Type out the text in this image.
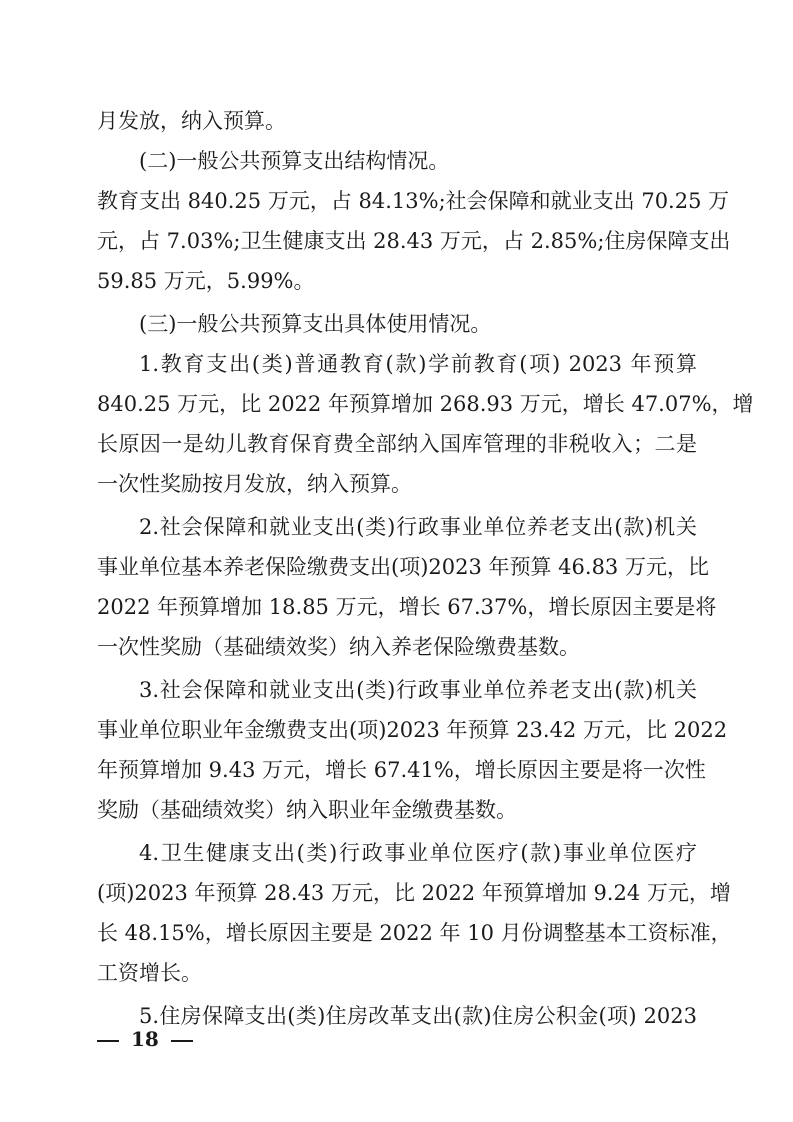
月发放，纳入预算。
(二)一般公共预算支出结构情况。
教育支出 840.25 万元，占 84.13%;社会保障和就业支出 70.25 万
元，占 7.03%;卫生健康支出 28.43 万元，占 2.85%;住房保障支出
59.85 万元，5.99%。
(三)一般公共预算支出具体使用情况。
1.教育支出(类)普通教育(款)学前教育(项) 2023 年预算
840.25 万元，比 2022 年预算增加 268.93 万元，增长 47.07%，增
长原因一是幼儿教育保育费全部纳入国库管理的非税收入；二是
一次性奖励按月发放，纳入预算。
2.社会保障和就业支出(类)行政事业单位养老支出(款)机关
事业单位基本养老保险缴费支出(项)2023 年预算 46.83 万元，比
2022 年预算增加 18.85 万元，增长 67.37%，增长原因主要是将
一次性奖励（基础绩效奖）纳入养老保险缴费基数。
3.社会保障和就业支出(类)行政事业单位养老支出(款)机关
事业单位职业年金缴费支出(项)2023 年预算 23.42 万元，比 2022
年预算增加 9.43 万元，增长 67.41%，增长原因主要是将一次性
奖励（基础绩效奖）纳入职业年金缴费基数。
4.卫生健康支出(类)行政事业单位医疗(款)事业单位医疗
(项)2023 年预算 28.43 万元，比 2022 年预算增加 9.24 万元，增
长 48.15%，增长原因主要是 2022 年 10 月份调整基本工资标准，
工资增长。
5.住房保障支出(类)住房改革支出(款)住房公积金(项) 2023
18
